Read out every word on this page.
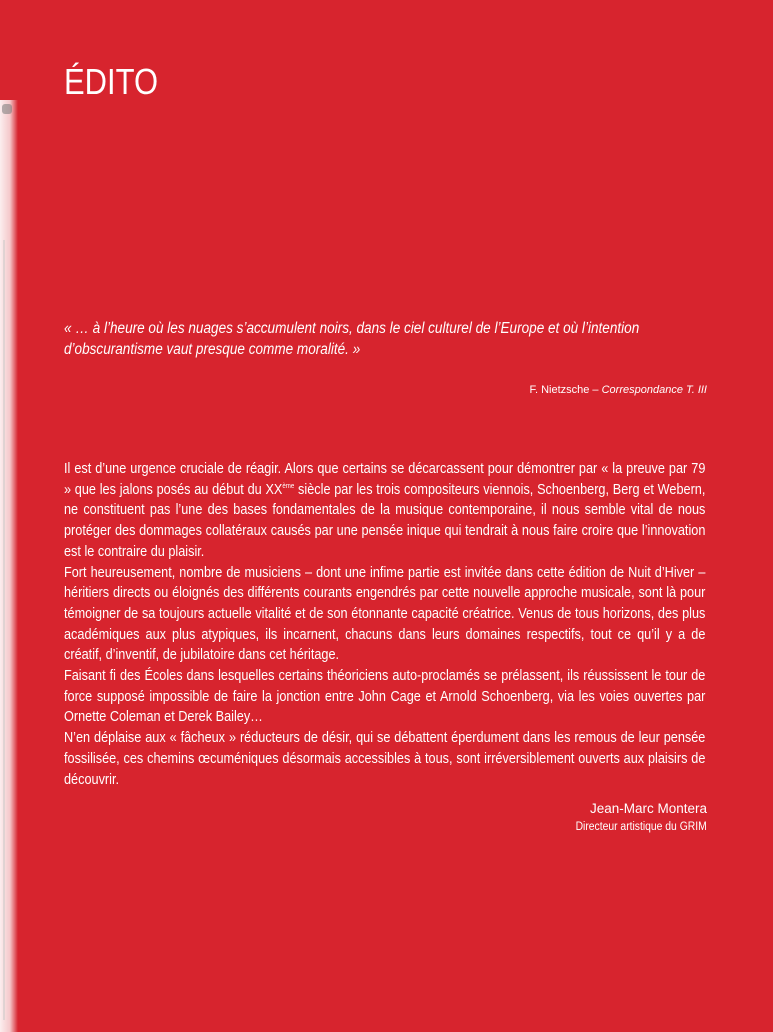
ÉDITO
« … à l’heure où les nuages s’accumulent noirs, dans le ciel culturel de l’Europe et où l’intention
d’obscurantisme vaut presque comme moralité. »
F. Nietzsche – Correspondance T. III

Il est d’une urgence cruciale de réagir. Alors que certains se décarcassent pour démontrer par « la preuve par 79 » que les jalons posés au début du XXème siècle par les trois compositeurs viennois, Schoenberg, Berg et Webern, ne constituent pas l’une des bases fondamentales de la musique contemporaine, il nous semble vital de nous protéger des dommages collatéraux causés par une pensée inique qui tendrait à nous faire croire que l’innovation est le contraire du plaisir.

Fort heureusement, nombre de musiciens – dont une infime partie est invitée dans cette édition de Nuit d’Hiver – héritiers directs ou éloignés des différents courants engendrés par cette nouvelle approche musicale, sont là pour témoigner de sa toujours actuelle vitalité et de son étonnante capacité créatrice. Venus de tous horizons, des plus académiques aux plus atypiques, ils incarnent, chacuns dans leurs domaines respectifs, tout ce qu’il y a de créatif, d’inventif, de jubilatoire dans cet héritage.

Faisant fi des Écoles dans lesquelles certains théoriciens auto-proclamés se prélassent, ils réussissent le tour de force supposé impossible de faire la jonction entre John Cage et Arnold Schoenberg, via les voies ouvertes par Ornette Coleman et Derek Bailey…

N’en déplaise aux « fâcheux » réducteurs de désir, qui se débattent éperdument dans les remous de leur pensée fossilisée, ces chemins œcuméniques désormais accessibles à tous, sont irréversiblement ouverts aux plaisirs de découvrir.

Jean-Marc Montera
Directeur artistique du GRIM
